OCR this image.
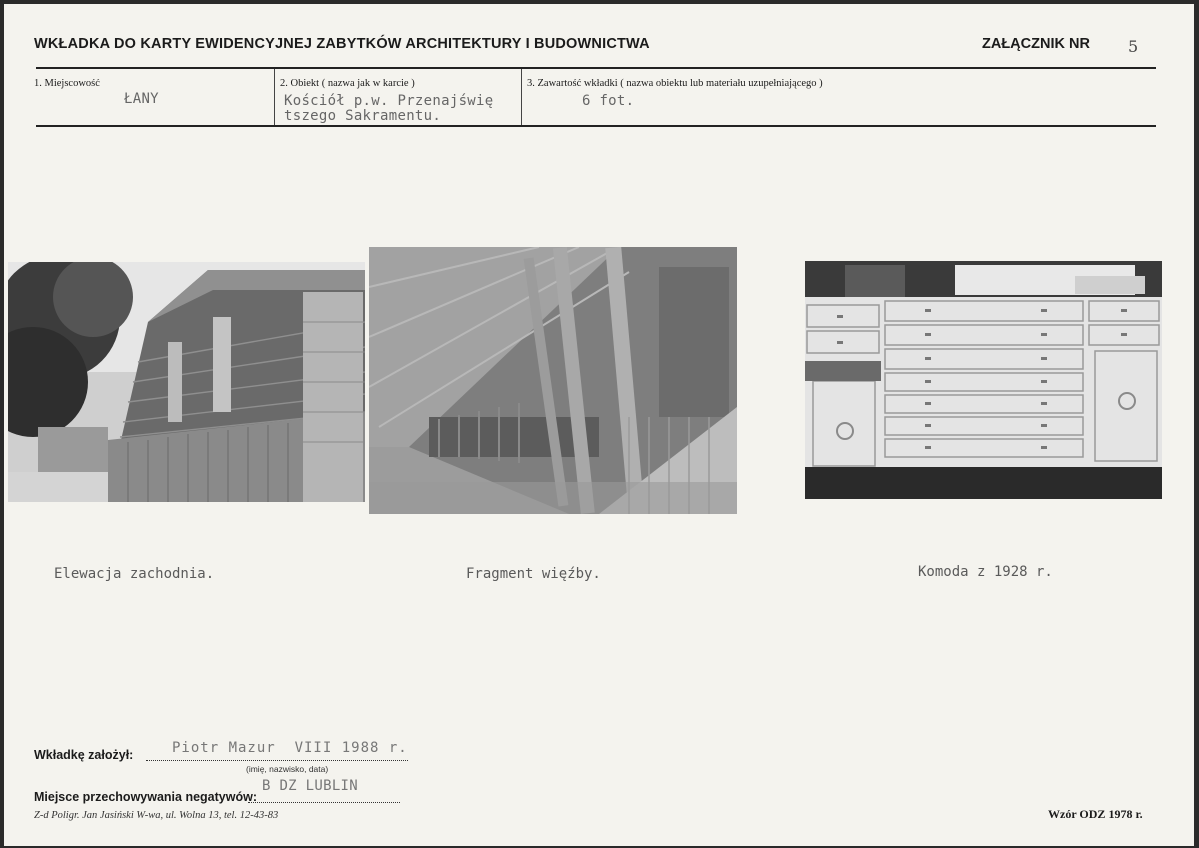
WKŁADKA DO KARTY EWIDENCYJNEJ ZABYTKÓW ARCHITEKTURY I BUDOWNICTWA	ZAŁĄCZNIK NR 5
1. Miejscowość
ŁANY
2. Obiekt ( nazwa jak w karcie )
Kościół p.w. Przenajświę
tszego Sakramentu.
3. Zawartość wkładki ( nazwa obiektu lub materiału uzupełniającego )
6 fot.
Elewacja zachodnia.	Fragment więźby.	Komoda z 1928 r.
Wkładkę założył:	Piotr Mazur  VIII 1988 r.
(imię, nazwisko, data)
Miejsce przechowywania negatywów:
B DZ LUBLIN
Z-d Poligr. Jan Jasiński W-wa, ul. Wolna 13, tel. 12-43-83	Wzór ODZ 1978 r.
